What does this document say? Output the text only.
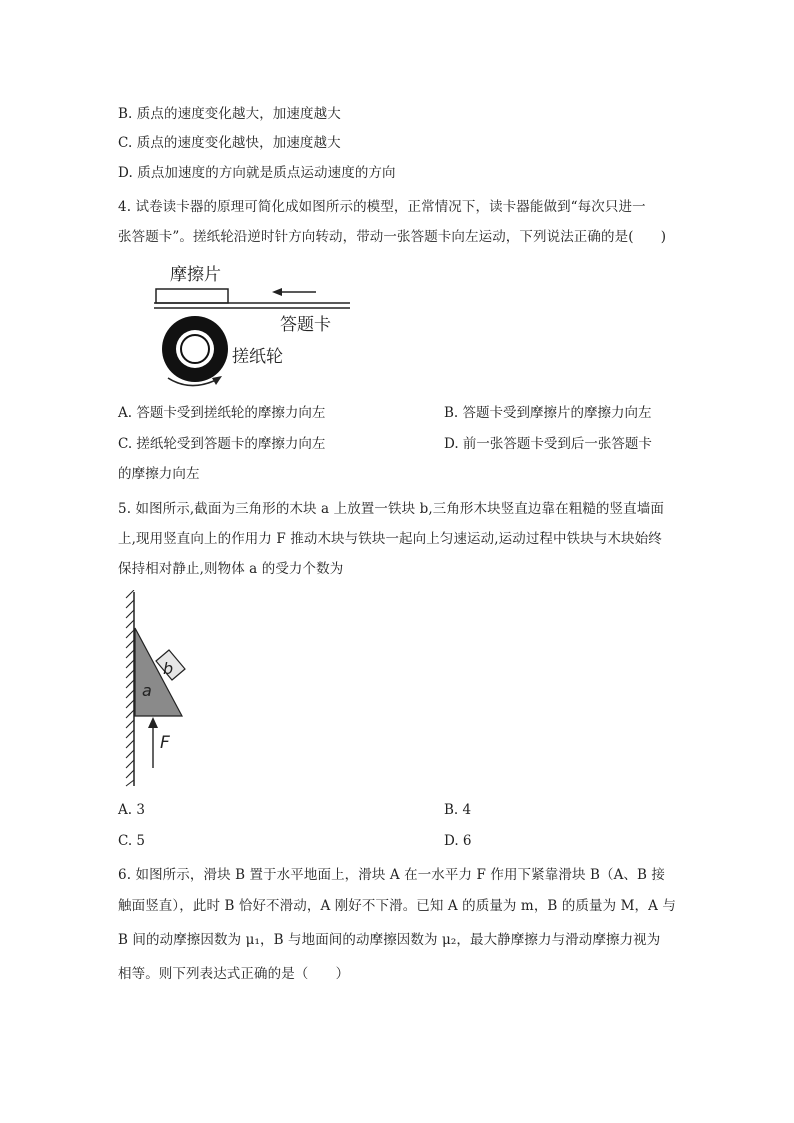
B. 质点的速度变化越大，加速度越大
C. 质点的速度变化越快，加速度越大
D. 质点加速度的方向就是质点运动速度的方向
4. 试卷读卡器的原理可简化成如图所示的模型，正常情况下，读卡器能做到“每次只进一
张答题卡”。搓纸轮沿逆时针方向转动，带动一张答题卡向左运动，下列说法正确的是(　　)
摩擦片
答题卡
搓纸轮
A. 答题卡受到搓纸轮的摩擦力向左	B. 答题卡受到摩擦片的摩擦力向左
C. 搓纸轮受到答题卡的摩擦力向左	D. 前一张答题卡受到后一张答题卡
的摩擦力向左
5. 如图所示,截面为三角形的木块 a 上放置一铁块 b,三角形木块竖直边靠在粗糙的竖直墙面
上,现用竖直向上的作用力 F 推动木块与铁块一起向上匀速运动,运动过程中铁块与木块始终
保持相对静止,则物体 a 的受力个数为
b
a
F
A. 3	B. 4
C. 5	D. 6
6. 如图所示，滑块 B 置于水平地面上，滑块 A 在一水平力 F 作用下紧靠滑块 B（A、B 接
触面竖直），此时 B 恰好不滑动，A 刚好不下滑。已知 A 的质量为 m，B 的质量为 M，A 与
B 间的动摩擦因数为 μ₁，B 与地面间的动摩擦因数为 μ₂，最大静摩擦力与滑动摩擦力视为
相等。则下列表达式正确的是（　　）
